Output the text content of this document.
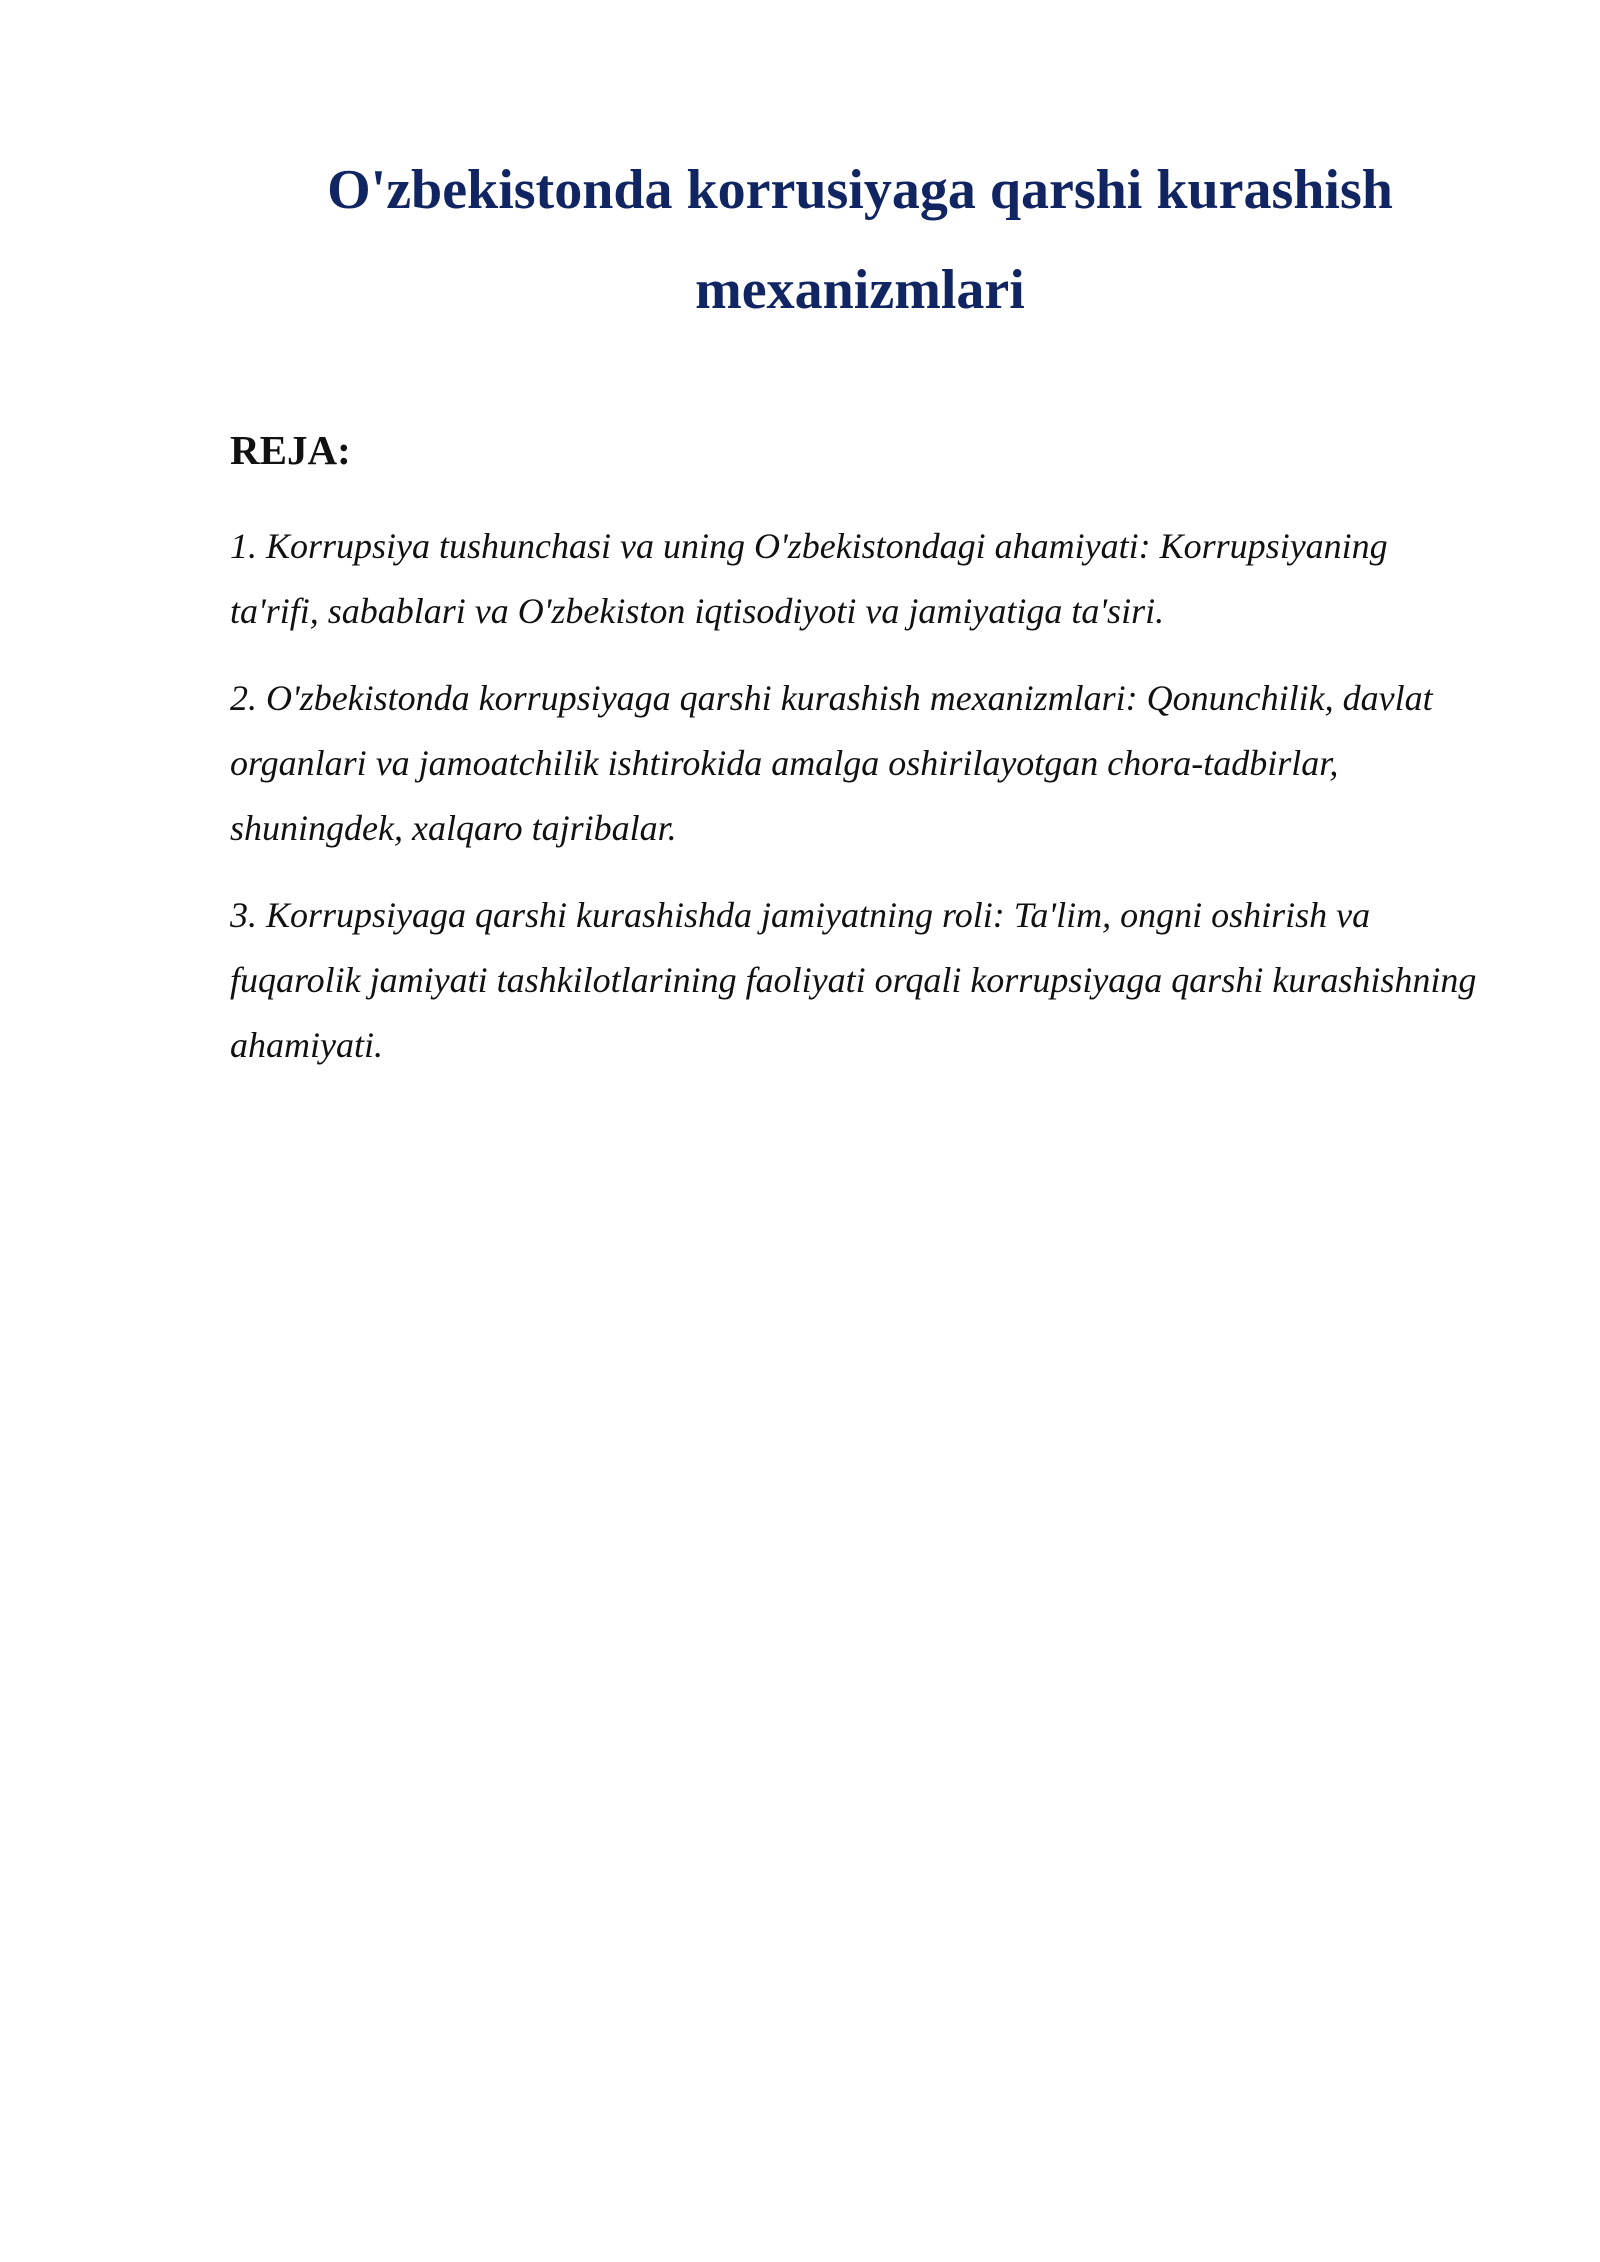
O'zbekistonda korrusiyaga qarshi kurashish mexanizmlari
REJA:
1. Korrupsiya tushunchasi va uning O'zbekistondagi ahamiyati: Korrupsiyaning ta'rifi, sabablari va O'zbekiston iqtisodiyoti va jamiyatiga ta'siri.
2. O'zbekistonda korrupsiyaga qarshi kurashish mexanizmlari: Qonunchilik, davlat organlari va jamoatchilik ishtirokida amalga oshirilayotgan chora-tadbirlar, shuningdek, xalqaro tajribalar.
3. Korrupsiyaga qarshi kurashishda jamiyatning roli: Ta'lim, ongni oshirish va fuqarolik jamiyati tashkilotlarining faoliyati orqali korrupsiyaga qarshi kurashishning ahamiyati.
